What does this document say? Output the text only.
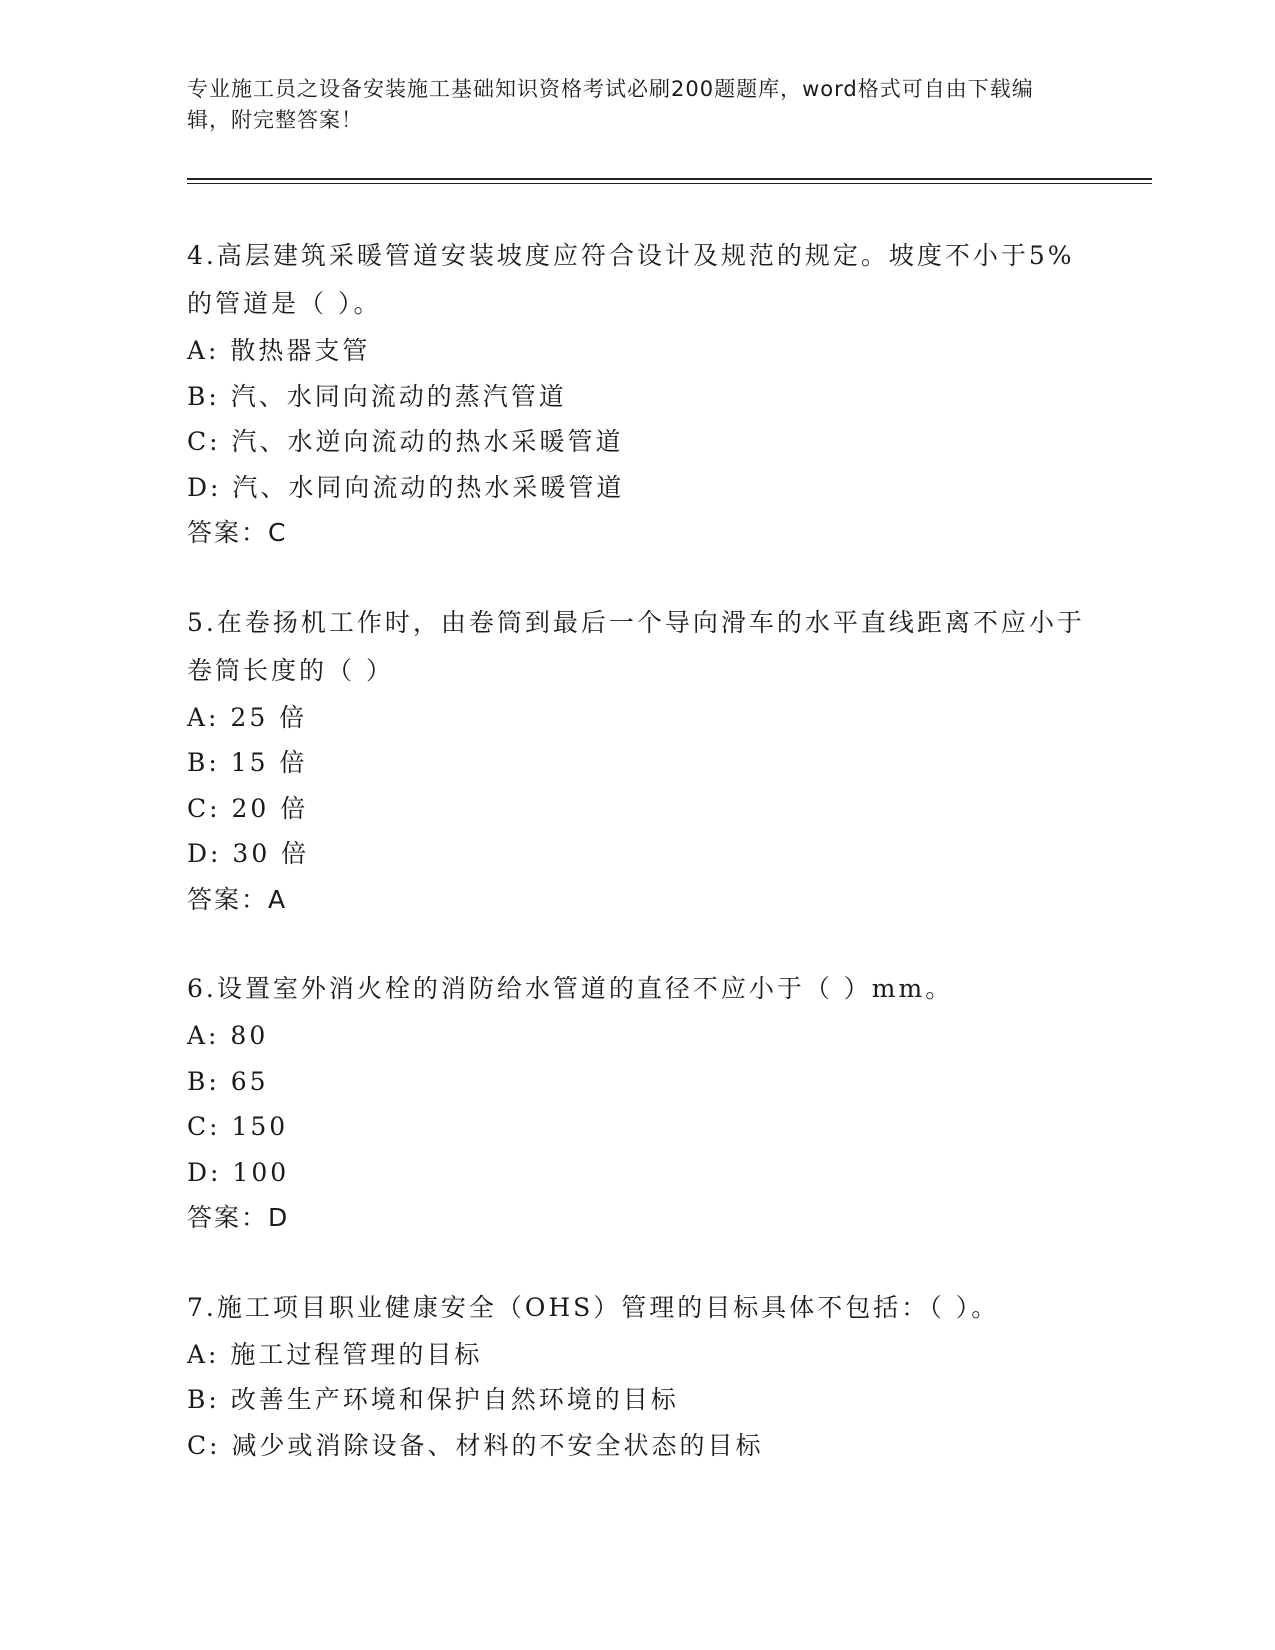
专业施工员之设备安装施工基础知识资格考试必刷200题题库，word格式可自由下载编辑，附完整答案！

4.高层建筑采暖管道安装坡度应符合设计及规范的规定。坡度不小于5%的管道是（ ）。

A: 散热器支管

B: 汽、水同向流动的蒸汽管道

C: 汽、水逆向流动的热水采暖管道

D: 汽、水同向流动的热水采暖管道

答案：C

5.在卷扬机工作时，由卷筒到最后一个导向滑车的水平直线距离不应小于卷筒长度的（ ）

A: 25 倍

B: 15 倍

C: 20 倍

D: 30 倍

答案：A

6.设置室外消火栓的消防给水管道的直径不应小于（ ）mm。

A: 80

B: 65

C: 150

D: 100

答案：D

7.施工项目职业健康安全（OHS）管理的目标具体不包括：（ ）。

A: 施工过程管理的目标

B: 改善生产环境和保护自然环境的目标

C: 减少或消除设备、材料的不安全状态的目标
